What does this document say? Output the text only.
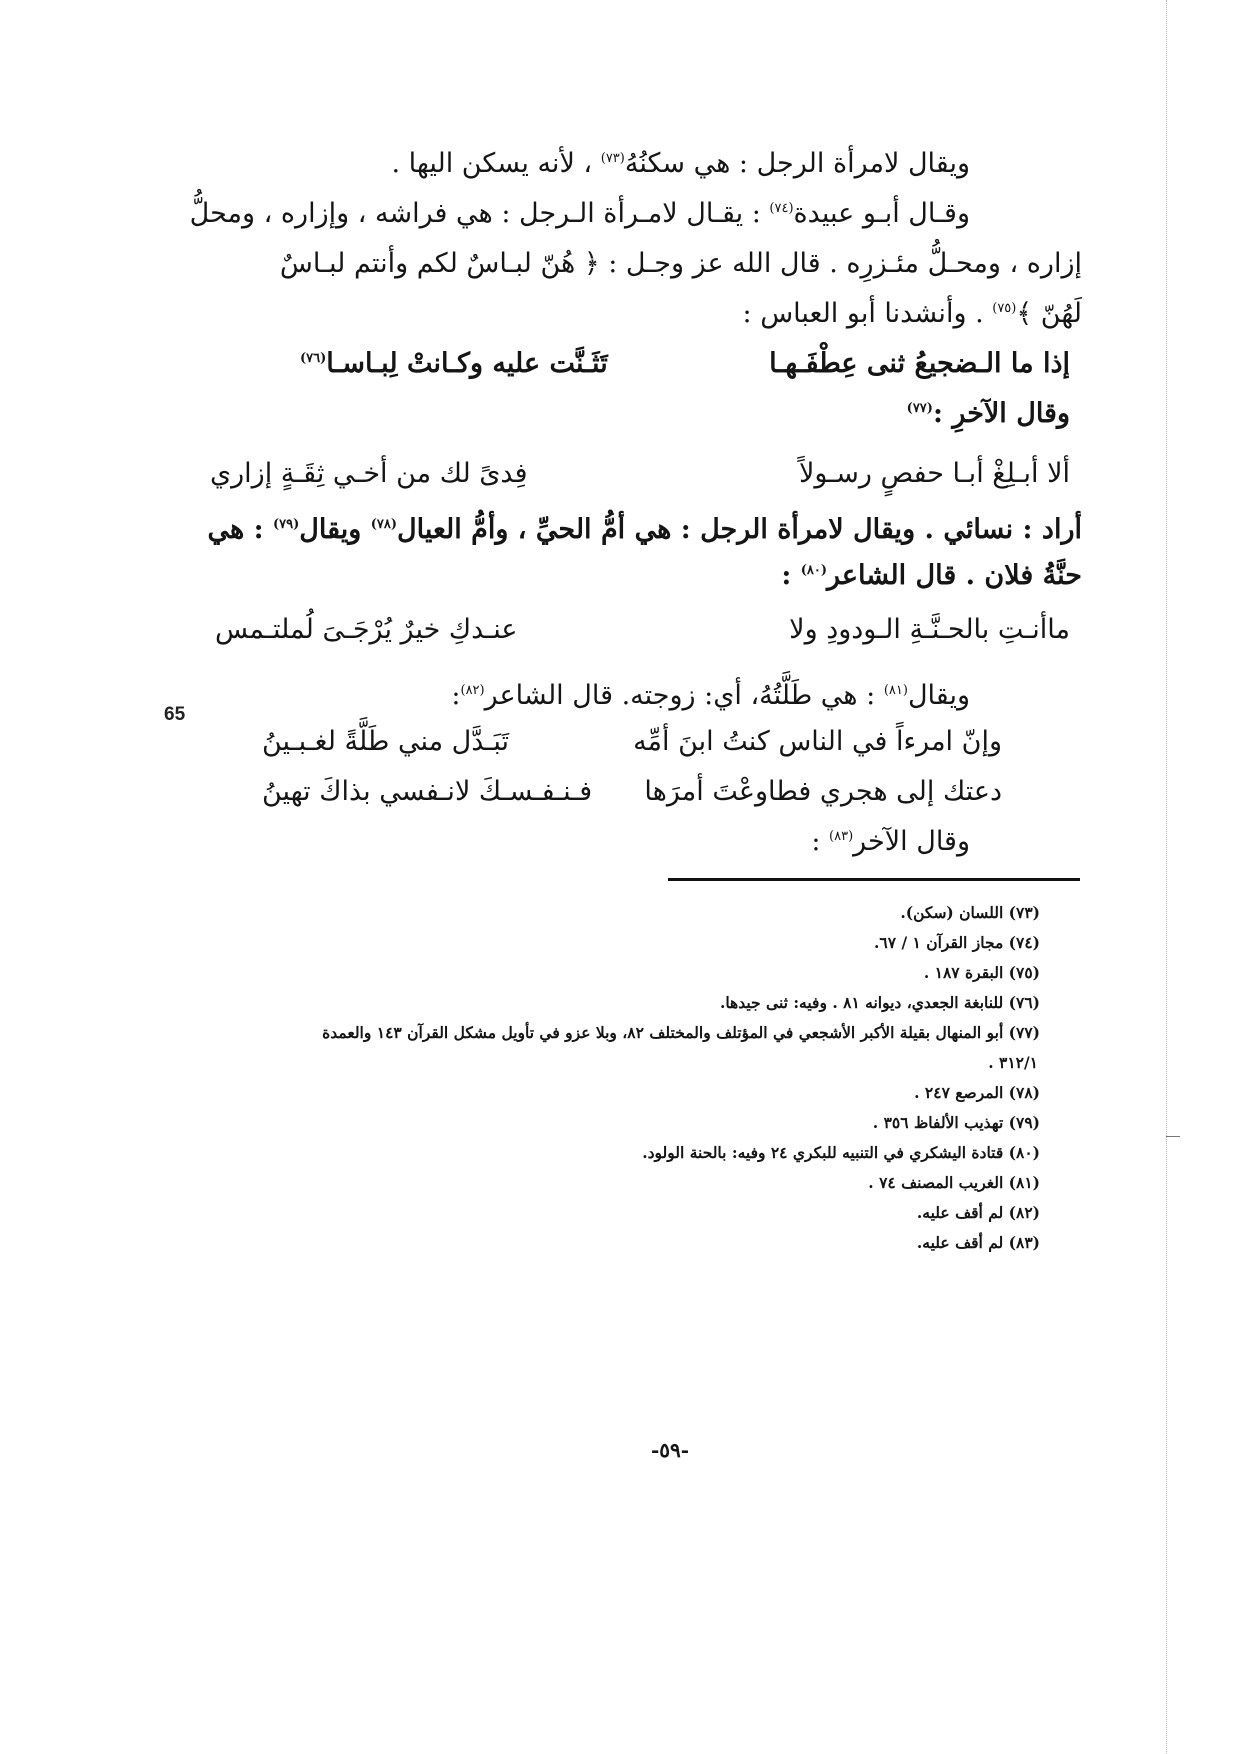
65
ويقال لامرأة الرجل : هي سكنُهُ$^{(٧٣)}$ ، لأنه يسكن اليها .
وقـال أبـو عبيدة$^{(٧٤)}$ : يقـال لامـرأة الـرجل : هي فراشه ، وإزاره ، ومحلُّ
إزاره ، ومحـلُّ مئـزرِه . قال الله عز وجـل : ﴿ هُنّ لبـاسٌ لكم وأنتم لبـاسٌ
لَهُنّ ﴾$^{(٧٥)}$ . وأنشدنا أبو العباس :
إذا ما الـضجيعُ ثنى عِطْفَـهـا
تَثَـنَّت عليه وكـانتْ لِبـاسـا$^{(٧٦)}$
وقال الآخرِ :$^{(٧٧)}$
ألا أبـلِغْ أبـا حفصٍ رسـولاً
فِدىً لك من أخـي ثِقَـةٍ إزاري
أراد : نسائي . ويقال لامرأة الرجل : هي أمُّ الحيِّ ، وأمُّ العيال$^{(٧٨)}$ ويقال$^{(٧٩)}$ : هي
حنَّةُ فلان . قال الشاعر$^{(٨٠)}$ :
ماأنـتِ بالحـنَّـةِ الـودودِ ولا
عنـدكِ خيرٌ يُرْجَـىَ لُملتـمس
ويقال$^{(٨١)}$ : هي طَلَّتُهُ، أي: زوجته. قال الشاعر$^{(٨٢)}$:
وإنّ امرءاً في الناس كنتُ ابنَ أمِّه
تَبَـدَّل مني طَلَّةً لغـبـينُ
دعتك إلى هجري فطاوعْتَ أمرَها
فـنـفـسـكَ لانـفسي بذاكَ تهينُ
وقال الآخر$^{(٨٣)}$ :
(٧٣) اللسان (سكن).
(٧٤) مجاز القرآن ١ / ٦٧.
(٧٥) البقرة ١٨٧ .
(٧٦) للنابغة الجعدي، ديوانه ٨١ . وفيه: ثنى جيدها.
(٧٧) أبو المنهال بقيلة الأكبر الأشجعي في المؤتلف والمختلف ٨٢، وبلا عزو في تأويل مشكل القرآن ١٤٣ والعمدة
٣١٢/١ .
(٧٨) المرصع ٢٤٧ .
(٧٩) تهذيب الألفاظ ٣٥٦ .
(٨٠) قتادة اليشكري في التنبيه للبكري ٢٤ وفيه: بالحنة الولود.
(٨١) الغريب المصنف ٧٤ .
(٨٢) لم أقف عليه.
(٨٣) لم أقف عليه.
-٥٩-
